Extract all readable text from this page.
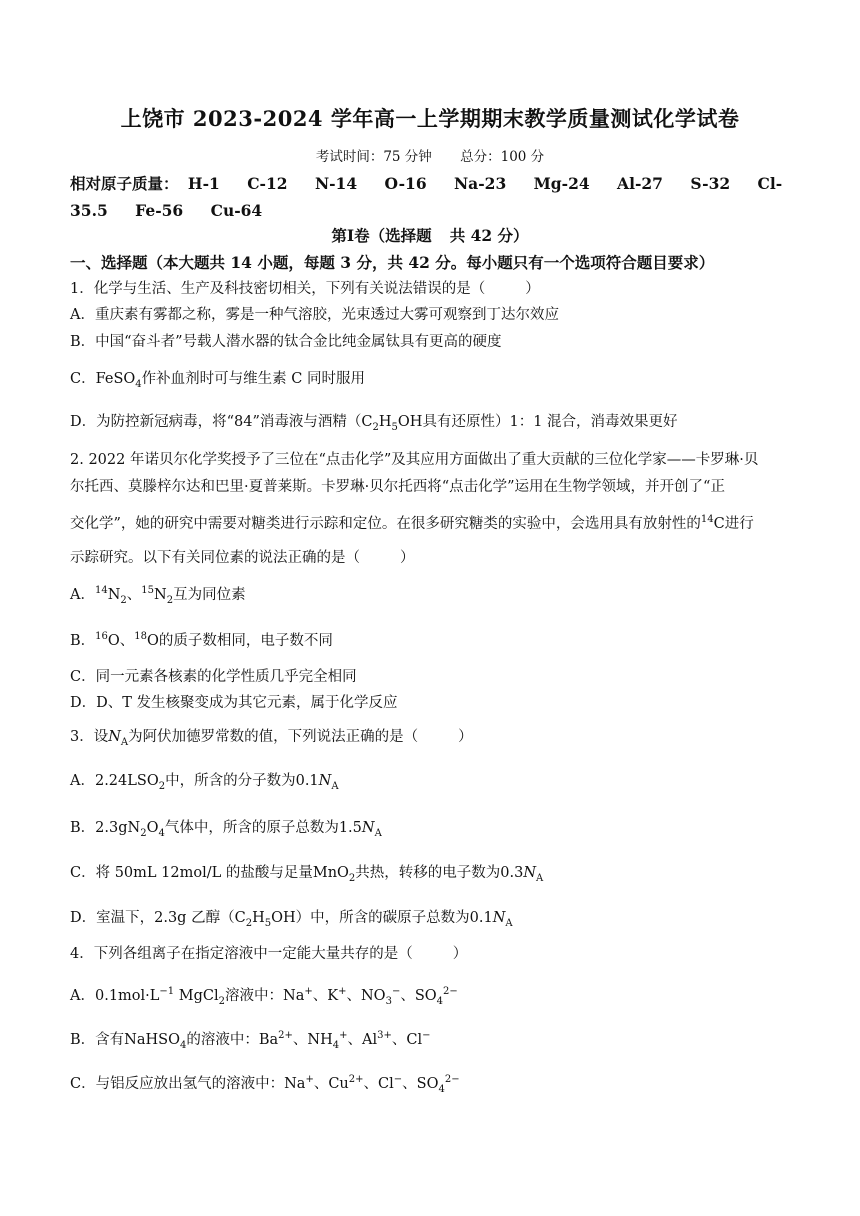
上饶市 2023-2024 学年高一上学期期末教学质量测试化学试卷
考试时间：75 分钟 总分：100 分
相对原子质量： H-1 C-12 N-14 O-16 Na-23 Mg-24 Al-27 S-32 Cl-35.5 Fe-56 Cu-64
第Ⅰ卷（选择题 共 42 分）
一、选择题（本大题共 14 小题，每题 3 分，共 42 分。每小题只有一个选项符合题目要求）
1．化学与生活、生产及科技密切相关，下列有关说法错误的是（	）
A．重庆素有雾都之称，雾是一种气溶胶，光束透过大雾可观察到丁达尔效应
B．中国“奋斗者”号载人潜水器的钛合金比纯金属钛具有更高的硬度
C．FeSO$_4$作补血剂时可与维生素 C 同时服用
D．为防控新冠病毒，将“84”消毒液与酒精（$C_2H_5OH$具有还原性）1：1 混合，消毒效果更好
2. 2022 年诺贝尔化学奖授予了三位在“点击化学”及其应用方面做出了重大贡献的三位化学家——卡罗琳·贝
尔托西、莫滕梓尔达和巴里·夏普莱斯。卡罗琳·贝尔托西将“点击化学”运用在生物学领域，并开创了“正
交化学”，她的研究中需要对糖类进行示踪和定位。在很多研究糖类的实验中，会选用具有放射性的$^{14}$C进行
示踪研究。以下有关同位素的说法正确的是（	）
A．$^{14}N_2$、$^{15}N_2$互为同位素
B．$^{16}$O、$^{18}$O的质子数相同，电子数不同
C．同一元素各核素的化学性质几乎完全相同
D．D、T 发生核聚变成为其它元素，属于化学反应
3．设$N_A$为阿伏加德罗常数的值，下列说法正确的是（	）
A．$2.24LSO_2$中，所含的分子数为$0.1N_A$
B．$2.3gN_2O_4$气体中，所含的原子总数为$1.5N_A$
C．将 50mL 12mol/L 的盐酸与足量MnO$_2$共热，转移的电子数为$0.3N_A$
D．室温下，2.3g 乙醇$(C_2H_5OH)$中，所含的碳原子总数为$0.1N_A$
4．下列各组离子在指定溶液中一定能大量共存的是（	）
A．$0.1mol\cdot L^{-1}$ MgCl$_2$溶液中：Na+、K+、$NO_3^-$、$SO_4^{2-}$
B．含有NaHSO$_4$的溶液中：$Ba^{2+}$、$NH_4^+$、$Al^{3+}$、Cl−
C．与铝反应放出氢气的溶液中：Na+、$Cu^{2+}$、Cl−、$SO_4^{2-}$
